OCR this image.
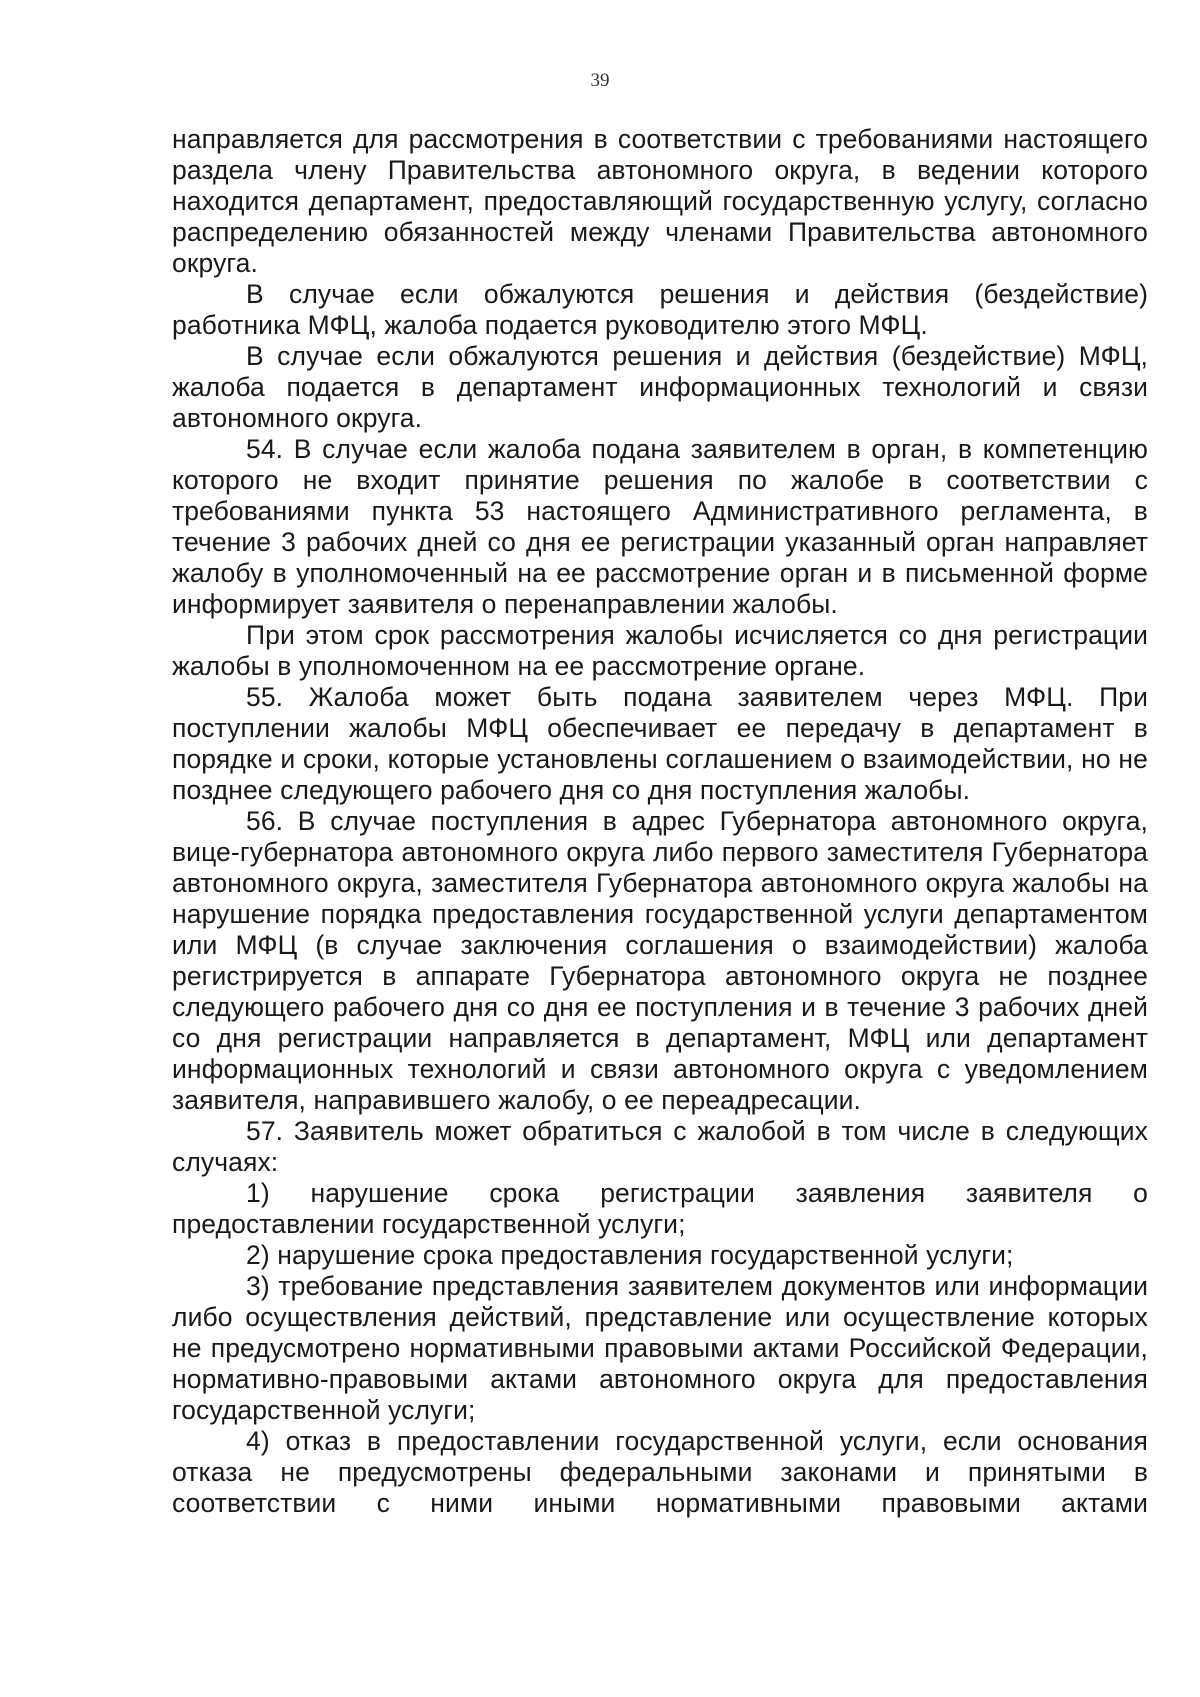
39

направляется для рассмотрения в соответствии с требованиями настоящего раздела члену Правительства автономного округа, в ведении которого находится департамент, предоставляющий государственную услугу, согласно распределению обязанностей между членами Правительства автономного округа.

В случае если обжалуются решения и действия (бездействие) работника МФЦ, жалоба подается руководителю этого МФЦ.

В случае если обжалуются решения и действия (бездействие) МФЦ, жалоба подается в департамент информационных технологий и связи автономного округа.

54. В случае если жалоба подана заявителем в орган, в компетенцию которого не входит принятие решения по жалобе в соответствии с требованиями пункта 53 настоящего Административного регламента, в течение 3 рабочих дней со дня ее регистрации указанный орган направляет жалобу в уполномоченный на ее рассмотрение орган и в письменной форме информирует заявителя о перенаправлении жалобы.

При этом срок рассмотрения жалобы исчисляется со дня регистрации жалобы в уполномоченном на ее рассмотрение органе.

55. Жалоба может быть подана заявителем через МФЦ. При поступлении жалобы МФЦ обеспечивает ее передачу в департамент в порядке и сроки, которые установлены соглашением о взаимодействии, но не позднее следующего рабочего дня со дня поступления жалобы.

56. В случае поступления в адрес Губернатора автономного округа, вице-губернатора автономного округа либо первого заместителя Губернатора автономного округа, заместителя Губернатора автономного округа жалобы на нарушение порядка предоставления государственной услуги департаментом или МФЦ (в случае заключения соглашения о взаимодействии) жалоба регистрируется в аппарате Губернатора автономного округа не позднее следующего рабочего дня со дня ее поступления и в течение 3 рабочих дней со дня регистрации направляется в департамент, МФЦ или департамент информационных технологий и связи автономного округа с уведомлением заявителя, направившего жалобу, о ее переадресации.

57. Заявитель может обратиться с жалобой в том числе в следующих случаях:

1) нарушение срока регистрации заявления заявителя о предоставлении государственной услуги;

2) нарушение срока предоставления государственной услуги;

3) требование представления заявителем документов или информации либо осуществления действий, представление или осуществление которых не предусмотрено нормативными правовыми актами Российской Федерации, нормативно-правовыми актами автономного округа для предоставления государственной услуги;

4) отказ в предоставлении государственной услуги, если основания отказа не предусмотрены федеральными законами и принятыми в соответствии с ними иными нормативными правовыми актами
